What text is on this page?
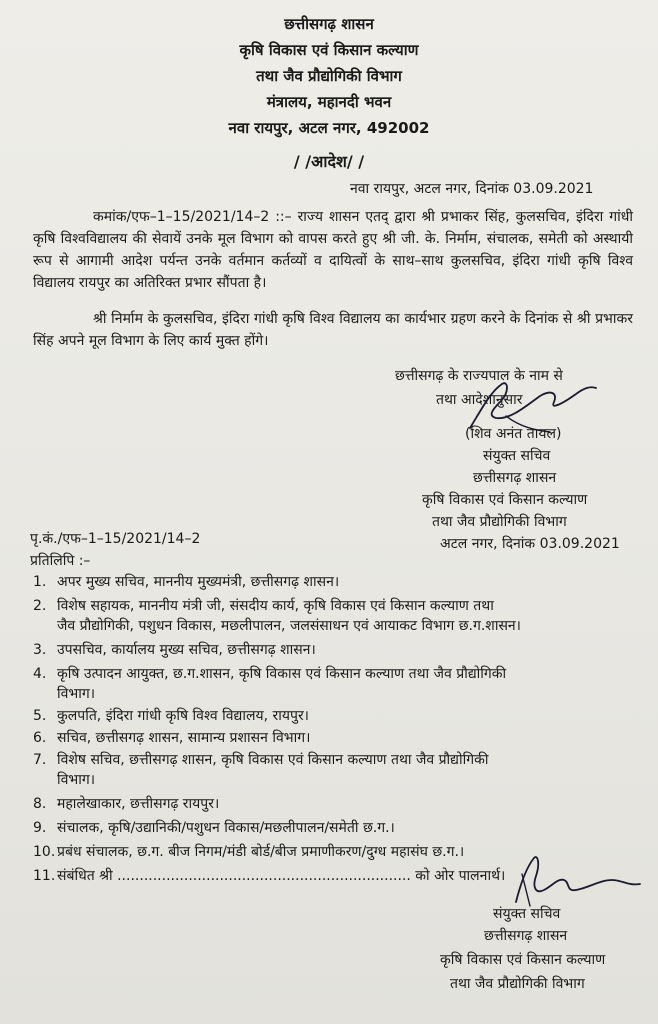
छत्तीसगढ़ शासन
कृषि विकास एवं किसान कल्याण
तथा जैव प्रौद्योगिकी विभाग
मंत्रालय, महानदी भवन
नवा रायपुर, अटल नगर, 492002
/ /आदेश/ /
नवा रायपुर, अटल नगर, दिनांक 03.09.2021
कमांक/एफ–1–15/2021/14–2 ::– राज्य शासन एतद् द्वारा श्री प्रभाकर सिंह, कुलसचिव, इंदिरा गांधी कृषि विश्वविद्यालय की सेवायें उनके मूल विभाग को वापस करते हुए श्री जी. के. निर्माम, संचालक, समेती को अस्थायी रूप से आगामी आदेश पर्यन्त उनके वर्तमान कर्तव्यों व दायित्वों के साथ–साथ कुलसचिव, इंदिरा गांधी कृषि विश्व विद्यालय रायपुर का अतिरिक्त प्रभार सौंपता है।
श्री निर्माम के कुलसचिव, इंदिरा गांधी कृषि विश्व विद्यालय का कार्यभार ग्रहण करने के दिनांक से श्री प्रभाकर सिंह अपने मूल विभाग के लिए कार्य मुक्त होंगे।
छत्तीसगढ़ के राज्यपाल के नाम से
तथा आदेशानुसार
(शिव अनंत तायल)
संयुक्त सचिव
छत्तीसगढ़ शासन
कृषि विकास एवं किसान कल्याण
तथा जैव प्रौद्योगिकी विभाग
अटल नगर, दिनांक 03.09.2021
पृ.कं./एफ–1–15/2021/14–2
प्रतिलिपि :–
1. अपर मुख्य सचिव, माननीय मुख्यमंत्री, छत्तीसगढ़ शासन।
2. विशेष सहायक, माननीय मंत्री जी, संसदीय कार्य, कृषि विकास एवं किसान कल्याण तथा
जैव प्रौद्योगिकी, पशुधन विकास, मछलीपालन, जलसंसाधन एवं आयाकट विभाग छ.ग.शासन।
3. उपसचिव, कार्यालय मुख्य सचिव, छत्तीसगढ़ शासन।
4. कृषि उत्पादन आयुक्त, छ.ग.शासन, कृषि विकास एवं किसान कल्याण तथा जैव प्रौद्योगिकी
विभाग।
5. कुलपति, इंदिरा गांधी कृषि विश्व विद्यालय, रायपुर।
6. सचिव, छत्तीसगढ़ शासन, सामान्य प्रशासन विभाग।
7. विशेष सचिव, छत्तीसगढ़ शासन, कृषि विकास एवं किसान कल्याण तथा जैव प्रौद्योगिकी
विभाग।
8. महालेखाकार, छत्तीसगढ़ रायपुर।
9. संचालक, कृषि/उद्यानिकी/पशुधन विकास/मछलीपालन/समेती छ.ग.।
10. प्रबंध संचालक, छ.ग. बीज निगम/मंडी बोर्ड/बीज प्रमाणीकरण/दुग्ध महासंघ छ.ग.।
11. संबंधित श्री .................................................................. को ओर पालनार्थ।
संयुक्त सचिव
छत्तीसगढ़ शासन
कृषि विकास एवं किसान कल्याण
तथा जैव प्रौद्योगिकी विभाग
